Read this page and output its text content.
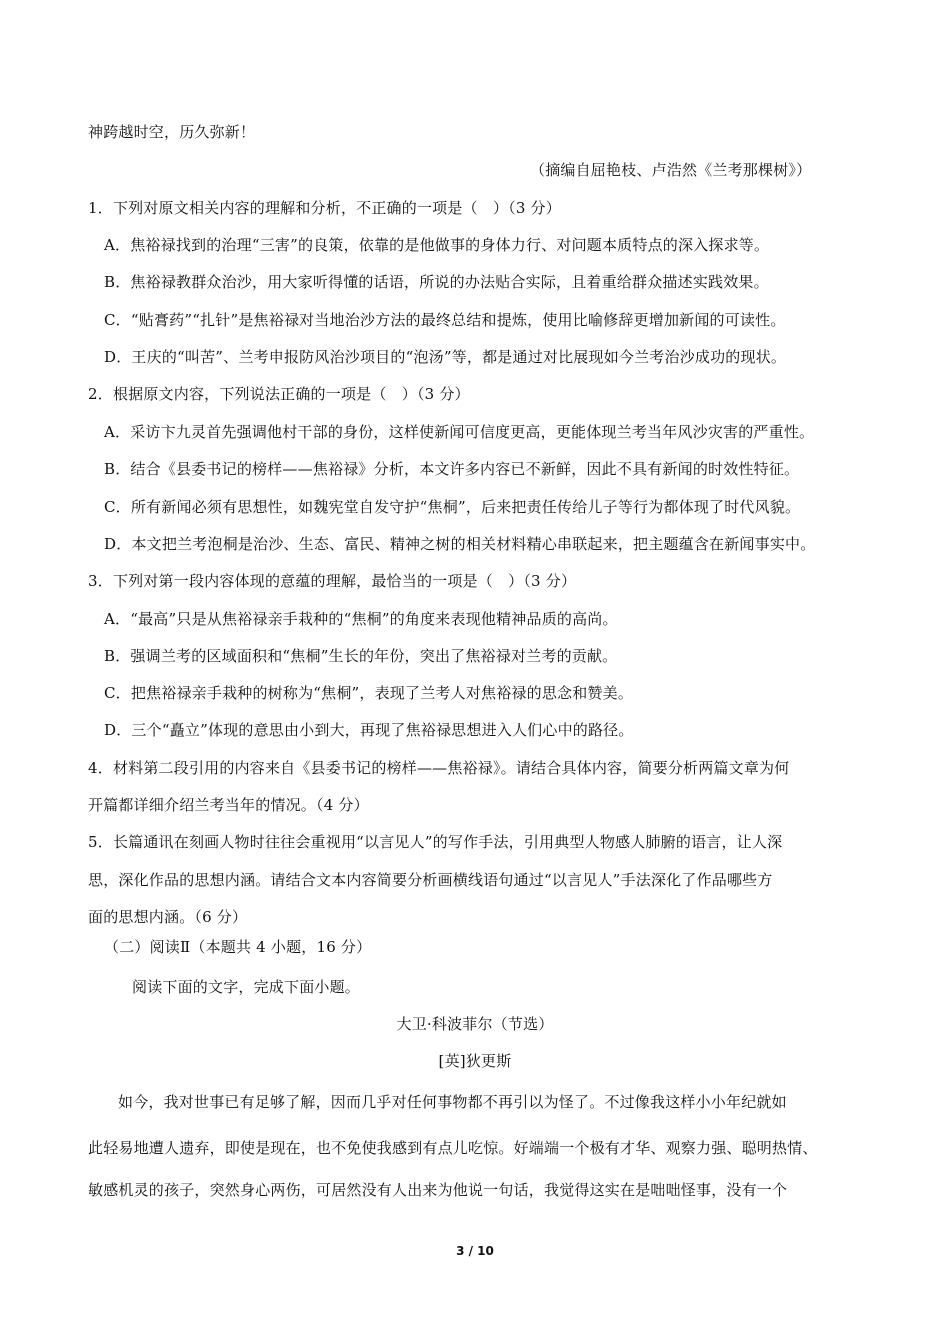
神跨越时空，历久弥新！
（摘编自屈艳枝、卢浩然《兰考那棵树》）
1．下列对原文相关内容的理解和分析，不正确的一项是（　）（3 分）
A．焦裕禄找到的治理“三害”的良策，依靠的是他做事的身体力行、对问题本质特点的深入探求等。
B．焦裕禄教群众治沙，用大家听得懂的话语，所说的办法贴合实际，且着重给群众描述实践效果。
C．“贴膏药”“扎针”是焦裕禄对当地治沙方法的最终总结和提炼，使用比喻修辞更增加新闻的可读性。
D．王庆的“叫苦”、兰考申报防风治沙项目的“泡汤”等，都是通过对比展现如今兰考治沙成功的现状。
2．根据原文内容，下列说法正确的一项是（　）（3 分）
A．采访卞九灵首先强调他村干部的身份，这样使新闻可信度更高，更能体现兰考当年风沙灾害的严重性。
B．结合《县委书记的榜样——焦裕禄》分析，本文许多内容已不新鲜，因此不具有新闻的时效性特征。
C．所有新闻必须有思想性，如魏宪堂自发守护“焦桐”，后来把责任传给儿子等行为都体现了时代风貌。
D．本文把兰考泡桐是治沙、生态、富民、精神之树的相关材料精心串联起来，把主题蕴含在新闻事实中。
3．下列对第一段内容体现的意蕴的理解，最恰当的一项是（　）（3 分）
A．“最高”只是从焦裕禄亲手栽种的“焦桐”的角度来表现他精神品质的高尚。
B．强调兰考的区域面积和“焦桐”生长的年份，突出了焦裕禄对兰考的贡献。
C．把焦裕禄亲手栽种的树称为“焦桐”，表现了兰考人对焦裕禄的思念和赞美。
D．三个“矗立”体现的意思由小到大，再现了焦裕禄思想进入人们心中的路径。
4．材料第二段引用的内容来自《县委书记的榜样——焦裕禄》。请结合具体内容，简要分析两篇文章为何
开篇都详细介绍兰考当年的情况。（4 分）
5．长篇通讯在刻画人物时往往会重视用“以言见人”的写作手法，引用典型人物感人肺腑的语言，让人深
思，深化作品的思想内涵。请结合文本内容简要分析画横线语句通过“以言见人”手法深化了作品哪些方
面的思想内涵。（6 分）
（二）阅读Ⅱ（本题共 4 小题，16 分）
阅读下面的文字，完成下面小题。
大卫·科波菲尔（节选）
[英]狄更斯
如今，我对世事已有足够了解，因而几乎对任何事物都不再引以为怪了。不过像我这样小小年纪就如
此轻易地遭人遗弃，即使是现在，也不免使我感到有点儿吃惊。好端端一个极有才华、观察力强、聪明热情、
敏感机灵的孩子，突然身心两伤，可居然没有人出来为他说一句话，我觉得这实在是咄咄怪事，没有一个
3 / 10
